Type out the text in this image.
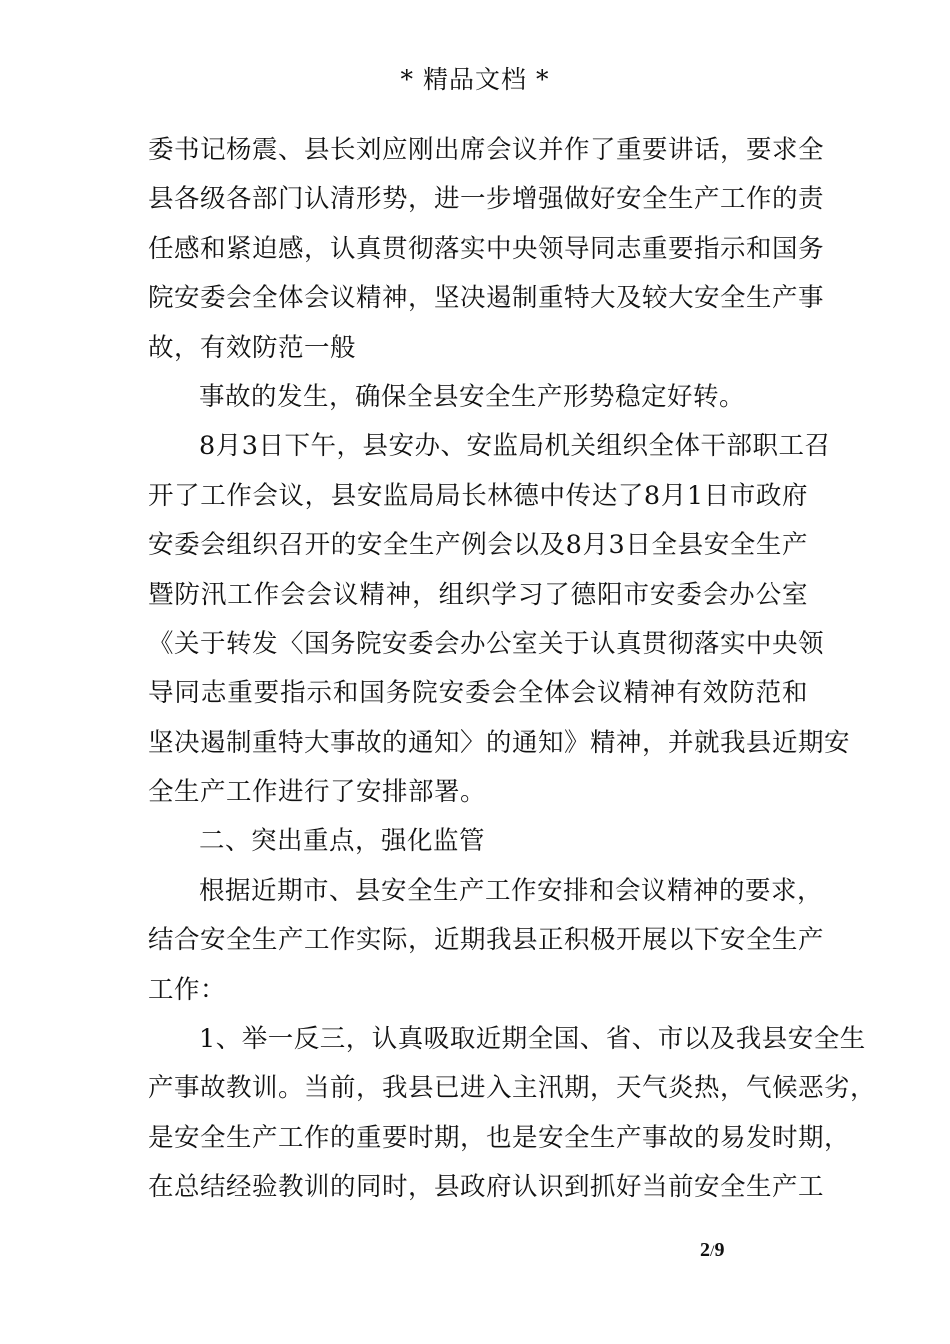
* 精品文档 *
委书记杨震、县长刘应刚出席会议并作了重要讲话，要求全
县各级各部门认清形势，进一步增强做好安全生产工作的责
任感和紧迫感，认真贯彻落实中央领导同志重要指示和国务
院安委会全体会议精神，坚决遏制重特大及较大安全生产事
故，有效防范一般
事故的发生，确保全县安全生产形势稳定好转。
8月3日下午，县安办、安监局机关组织全体干部职工召
开了工作会议，县安监局局长林德中传达了8月1日市政府
安委会组织召开的安全生产例会以及8月3日全县安全生产
暨防汛工作会会议精神，组织学习了德阳市安委会办公室
《关于转发〈国务院安委会办公室关于认真贯彻落实中央领
导同志重要指示和国务院安委会全体会议精神有效防范和
坚决遏制重特大事故的通知〉的通知》精神，并就我县近期安
全生产工作进行了安排部署。
二、突出重点，强化监管
根据近期市、县安全生产工作安排和会议精神的要求，
结合安全生产工作实际，近期我县正积极开展以下安全生产
工作：
1、举一反三，认真吸取近期全国、省、市以及我县安全生
产事故教训。当前，我县已进入主汛期，天气炎热，气候恶劣，
是安全生产工作的重要时期，也是安全生产事故的易发时期，
在总结经验教训的同时，县政府认识到抓好当前安全生产工
2/9
